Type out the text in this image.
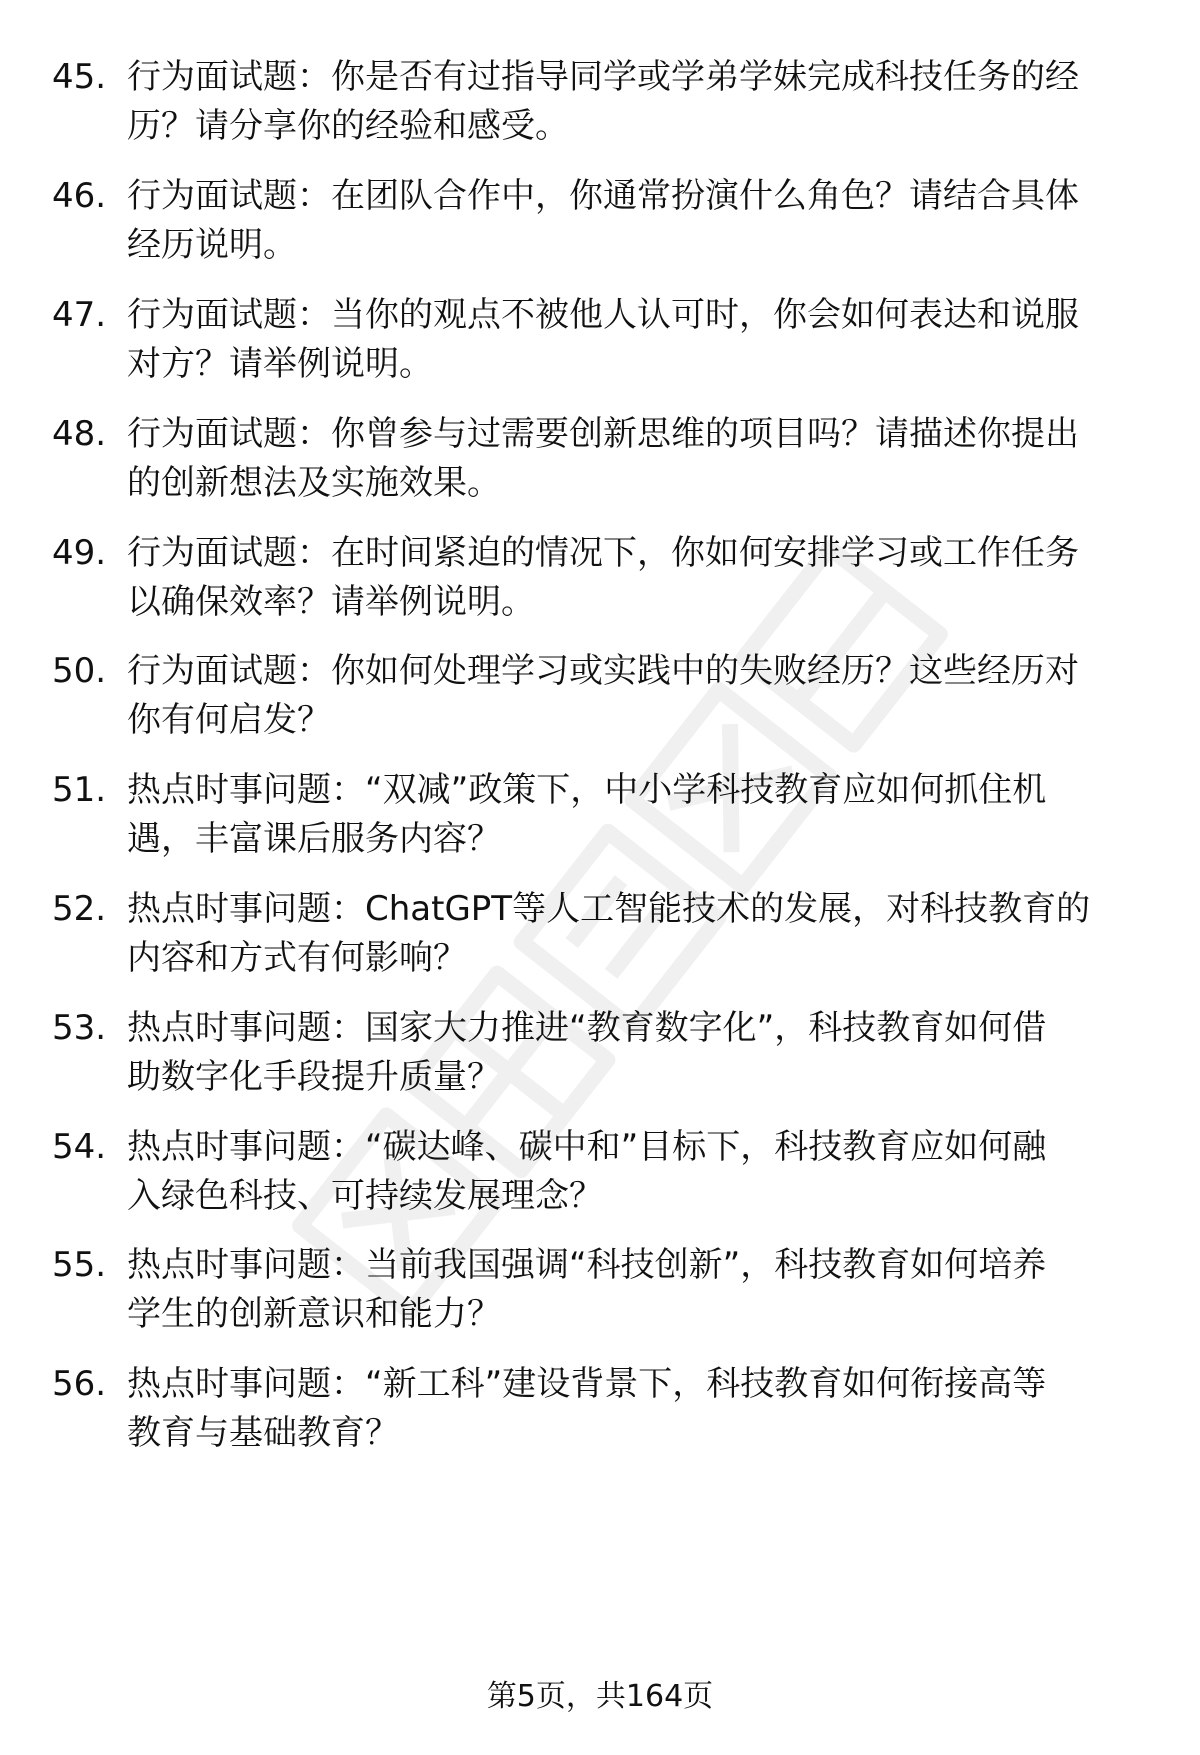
45. 行为面试题：你是否有过指导同学或学弟学妹完成科技任务的经
历？请分享你的经验和感受。
46. 行为面试题：在团队合作中，你通常扮演什么角色？请结合具体
经历说明。
47. 行为面试题：当你的观点不被他人认可时，你会如何表达和说服
对方？请举例说明。
48. 行为面试题：你曾参与过需要创新思维的项目吗？请描述你提出
的创新想法及实施效果。
49. 行为面试题：在时间紧迫的情况下，你如何安排学习或工作任务
以确保效率？请举例说明。
50. 行为面试题：你如何处理学习或实践中的失败经历？这些经历对
你有何启发？
51. 热点时事问题：“双减”政策下，中小学科技教育应如何抓住机
遇，丰富课后服务内容？
52. 热点时事问题：ChatGPT等人工智能技术的发展，对科技教育的
内容和方式有何影响？
53. 热点时事问题：国家大力推进“教育数字化”，科技教育如何借
助数字化手段提升质量？
54. 热点时事问题：“碳达峰、碳中和”目标下，科技教育应如何融
入绿色科技、可持续发展理念？
55. 热点时事问题：当前我国强调“科技创新”，科技教育如何培养
学生的创新意识和能力？
56. 热点时事问题：“新工科”建设背景下，科技教育如何衔接高等
教育与基础教育？
第5页，共164页
